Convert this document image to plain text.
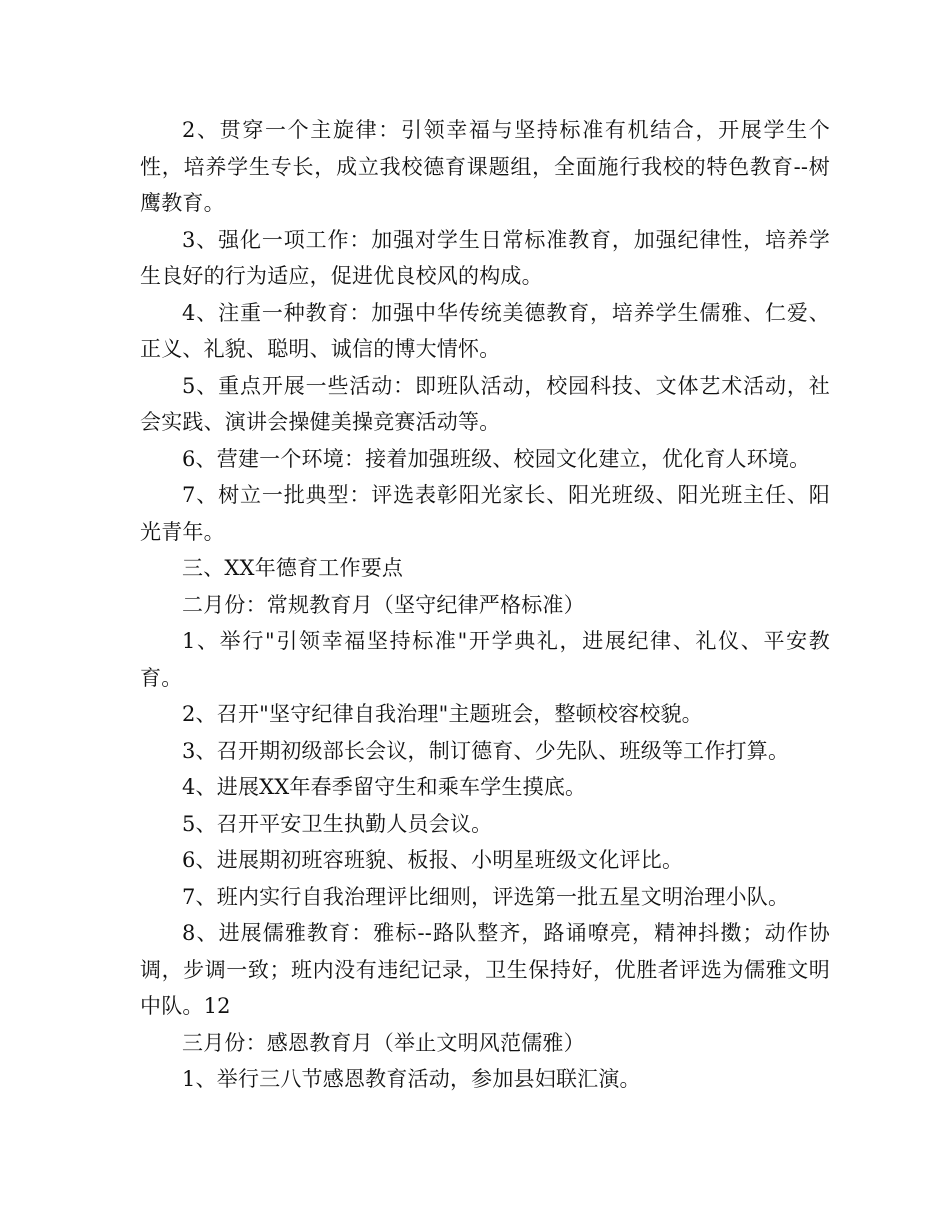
2、贯穿一个主旋律：引领幸福与坚持标准有机结合，开展学生个性，培养学生专长，成立我校德育课题组，全面施行我校的特色教育--树鹰教育。

3、强化一项工作：加强对学生日常标准教育，加强纪律性，培养学生良好的行为适应，促进优良校风的构成。

4、注重一种教育：加强中华传统美德教育，培养学生儒雅、仁爱、正义、礼貌、聪明、诚信的博大情怀。

5、重点开展一些活动：即班队活动，校园科技、文体艺术活动，社会实践、演讲会操健美操竞赛活动等。

6、营建一个环境：接着加强班级、校园文化建立，优化育人环境。

7、树立一批典型：评选表彰阳光家长、阳光班级、阳光班主任、阳光青年。

三、XX年德育工作要点

二月份：常规教育月（坚守纪律严格标准）

1、举行"引领幸福坚持标准"开学典礼，进展纪律、礼仪、平安教育。

2、召开"坚守纪律自我治理"主题班会，整顿校容校貌。

3、召开期初级部长会议，制订德育、少先队、班级等工作打算。

4、进展XX年春季留守生和乘车学生摸底。

5、召开平安卫生执勤人员会议。

6、进展期初班容班貌、板报、小明星班级文化评比。

7、班内实行自我治理评比细则，评选第一批五星文明治理小队。

8、进展儒雅教育：雅标--路队整齐，路诵嘹亮，精神抖擞；动作协调，步调一致；班内没有违纪记录，卫生保持好，优胜者评选为儒雅文明中队。12

三月份：感恩教育月（举止文明风范儒雅）

1、举行三八节感恩教育活动，参加县妇联汇演。
